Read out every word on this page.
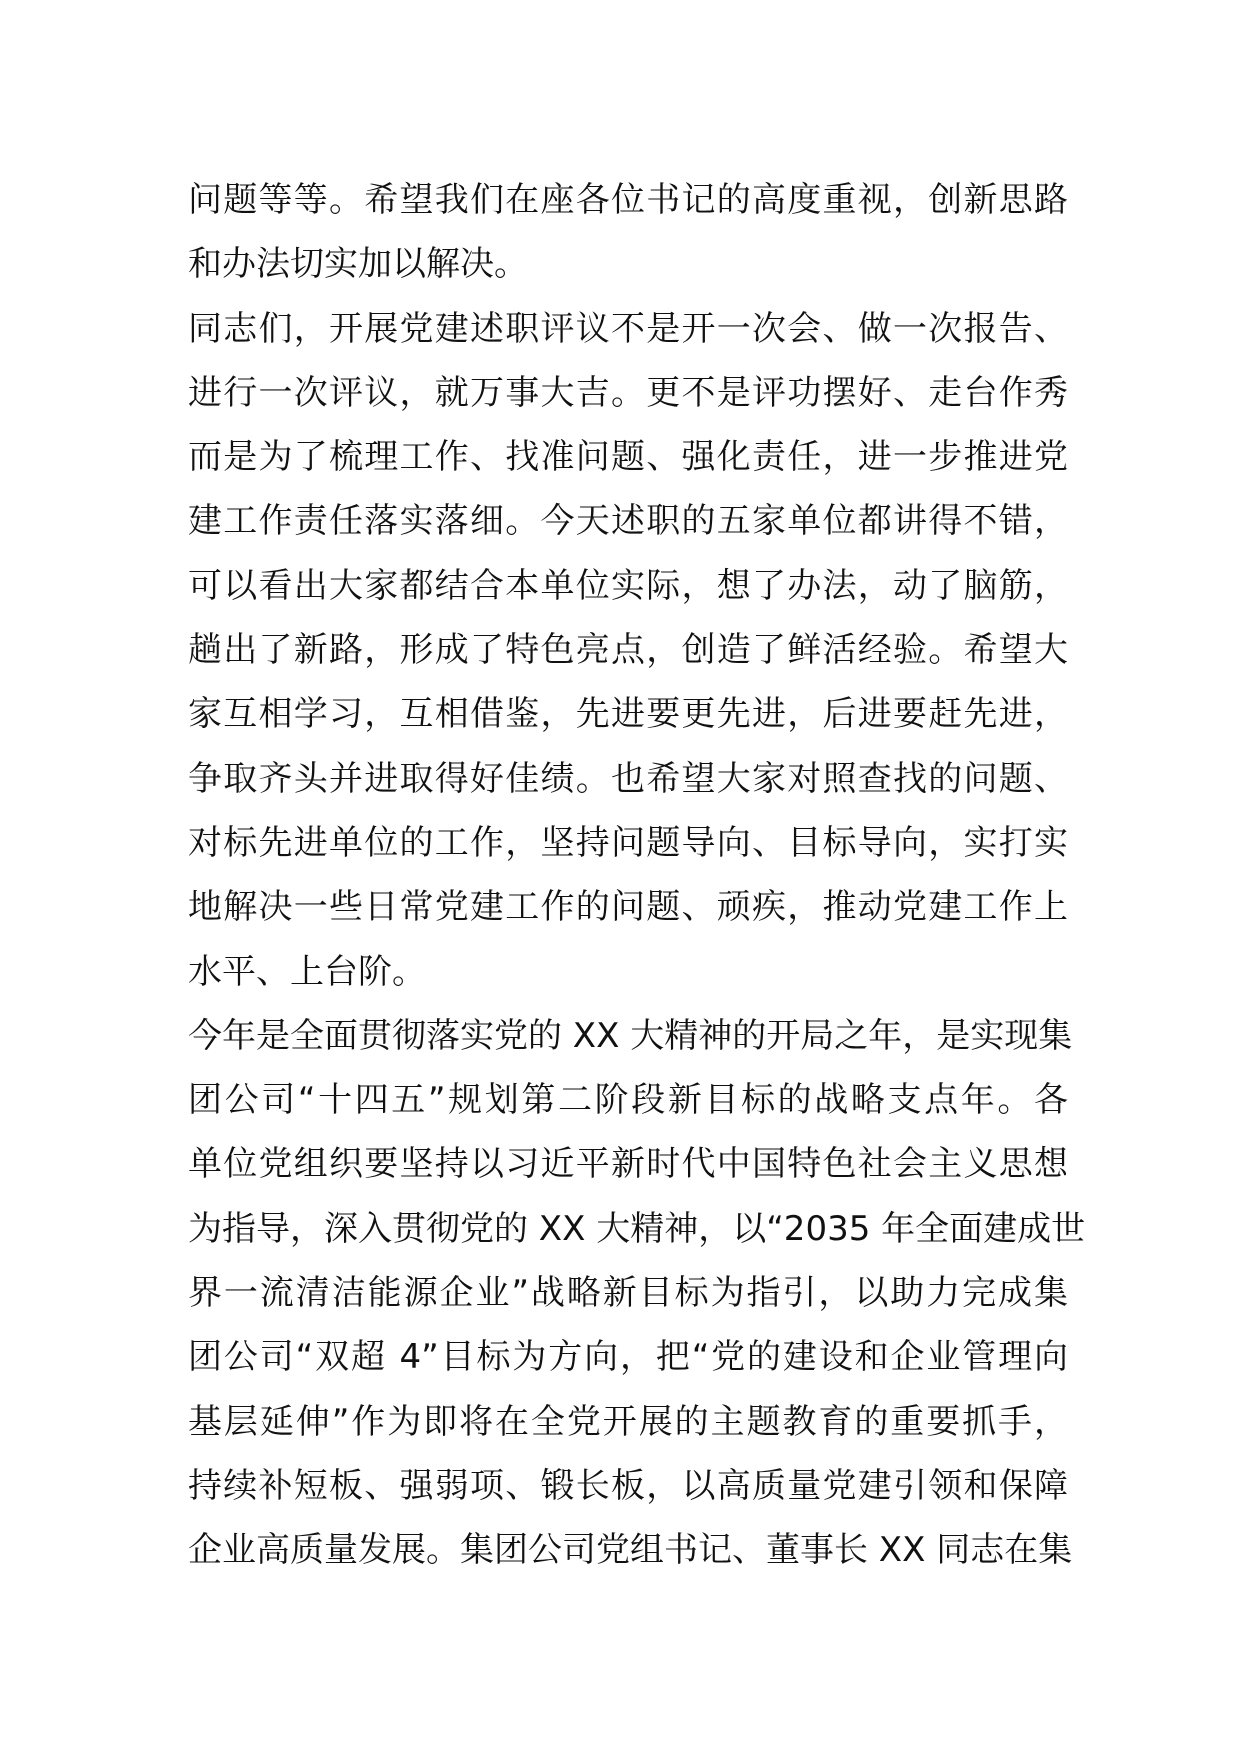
问题等等。希望我们在座各位书记的高度重视，创新思路
和办法切实加以解决。
同志们，开展党建述职评议不是开一次会、做一次报告、
进行一次评议，就万事大吉。更不是评功摆好、走台作秀
而是为了梳理工作、找准问题、强化责任，进一步推进党
建工作责任落实落细。今天述职的五家单位都讲得不错，
可以看出大家都结合本单位实际，想了办法，动了脑筋，
趟出了新路，形成了特色亮点，创造了鲜活经验。希望大
家互相学习，互相借鉴，先进要更先进，后进要赶先进，
争取齐头并进取得好佳绩。也希望大家对照查找的问题、
对标先进单位的工作，坚持问题导向、目标导向，实打实
地解决一些日常党建工作的问题、顽疾，推动党建工作上
水平、上台阶。
今年是全面贯彻落实党的 XX 大精神的开局之年，是实现集
团公司“十四五”规划第二阶段新目标的战略支点年。各
单位党组织要坚持以习近平新时代中国特色社会主义思想
为指导，深入贯彻党的 XX 大精神，以“2035 年全面建成世
界一流清洁能源企业”战略新目标为指引，以助力完成集
团公司“双超 4”目标为方向，把“党的建设和企业管理向
基层延伸”作为即将在全党开展的主题教育的重要抓手，
持续补短板、强弱项、锻长板，以高质量党建引领和保障
企业高质量发展。集团公司党组书记、董事长 XX 同志在集
